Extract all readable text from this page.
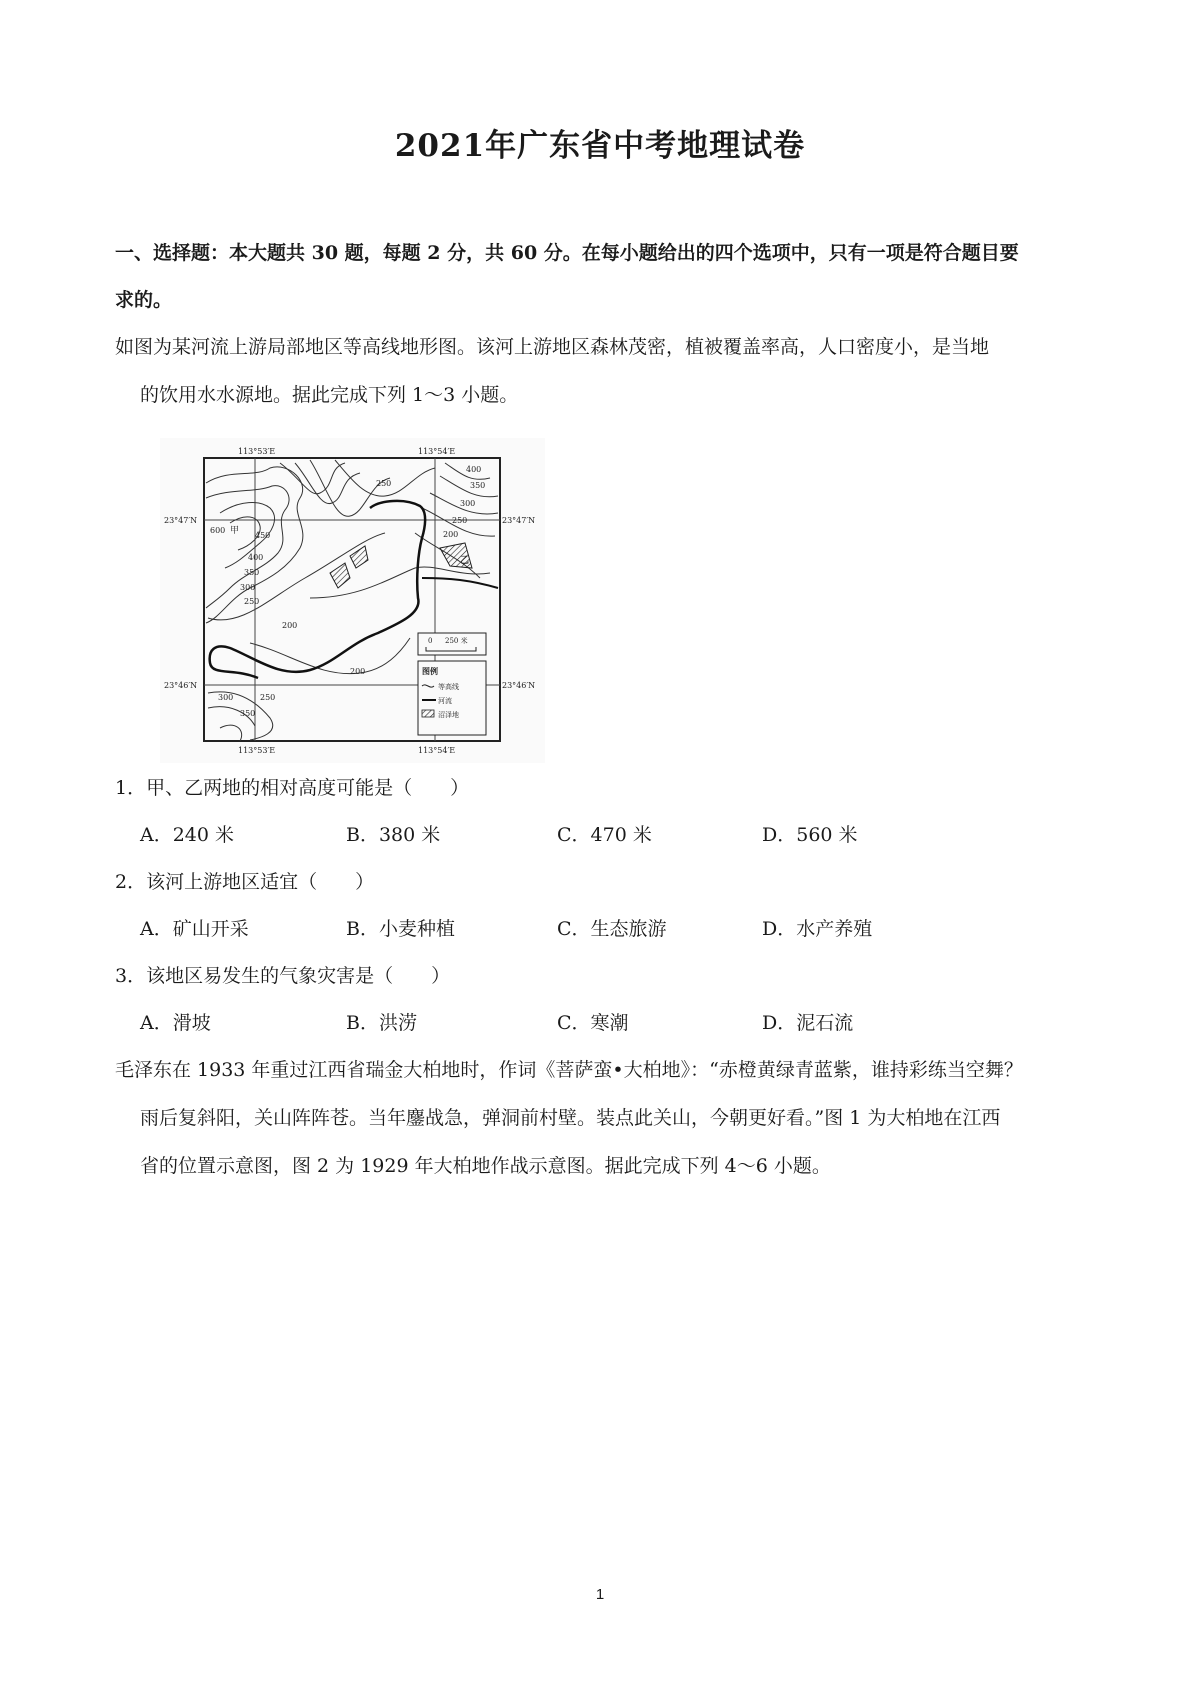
2021年广东省中考地理试卷
一、选择题：本大题共 30 题，每题 2 分，共 60 分。在每小题给出的四个选项中，只有一项是符合题目要
求的。
如图为某河流上游局部地区等高线地形图。该河上游地区森林茂密，植被覆盖率高，人口密度小，是当地
的饮用水水源地。据此完成下列 1～3 小题。
113°53′E	113°54′E
113°53′E	113°54′E
23°47′N	23°47′N
23°46′N	23°46′N
250
400
350
300
250
200
600
450
400
350
300
250
200
200
300	250
350
甲
乙
0 250 米
图例
等高线
河流
沼泽地
1．甲、乙两地的相对高度可能是（　　）
A．240 米	B．380 米	C．470 米	D．560 米
2．该河上游地区适宜（　　）
A．矿山开采	B．小麦种植	C．生态旅游	D．水产养殖
3．该地区易发生的气象灾害是（　　）
A．滑坡	B．洪涝	C．寒潮	D．泥石流
毛泽东在 1933 年重过江西省瑞金大柏地时，作词《菩萨蛮•大柏地》：“赤橙黄绿青蓝紫，谁持彩练当空舞？
雨后复斜阳，关山阵阵苍。当年鏖战急，弹洞前村壁。装点此关山，今朝更好看。”图 1 为大柏地在江西
省的位置示意图，图 2 为 1929 年大柏地作战示意图。据此完成下列 4～6 小题。
1
